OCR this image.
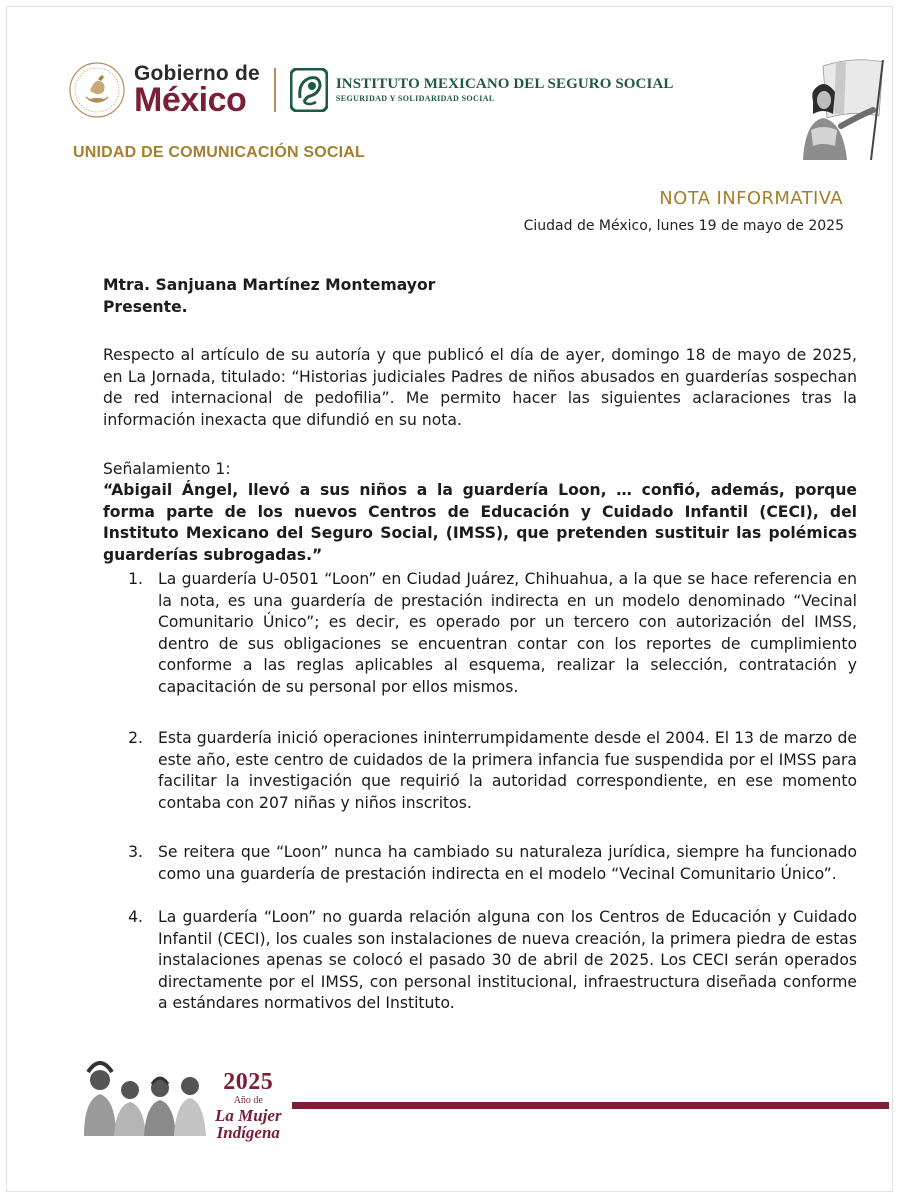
Gobierno de
México	INSTITUTO MEXICANO DEL SEGURO SOCIAL
SEGURIDAD Y SOLIDARIDAD SOCIAL
UNIDAD DE COMUNICACIÓN SOCIAL
NOTA INFORMATIVA
Ciudad de México, lunes 19 de mayo de 2025
Mtra. Sanjuana Martínez Montemayor
Presente.
Respecto al artículo de su autoría y que publicó el día de ayer, domingo 18 de mayo de 2025, en La Jornada, titulado: “Historias judiciales Padres de niños abusados en guarderías sospechan de red internacional de pedofilia”. Me permito hacer las siguientes aclaraciones tras la información inexacta que difundió en su nota.
Señalamiento 1:
“Abigail Ángel, llevó a sus niños a la guardería Loon, … confió, además, porque forma parte de los nuevos Centros de Educación y Cuidado Infantil (CECI), del Instituto Mexicano del Seguro Social, (IMSS), que pretenden sustituir las polémicas guarderías subrogadas.”
1. La guardería U-0501 “Loon” en Ciudad Juárez, Chihuahua, a la que se hace referencia en la nota, es una guardería de prestación indirecta en un modelo denominado “Vecinal Comunitario Único”; es decir, es operado por un tercero con autorización del IMSS, dentro de sus obligaciones se encuentran contar con los reportes de cumplimiento conforme a las reglas aplicables al esquema, realizar la selección, contratación y capacitación de su personal por ellos mismos.
2. Esta guardería inició operaciones ininterrumpidamente desde el 2004. El 13 de marzo de este año, este centro de cuidados de la primera infancia fue suspendida por el IMSS para facilitar la investigación que requirió la autoridad correspondiente, en ese momento contaba con 207 niñas y niños inscritos.
3. Se reitera que “Loon” nunca ha cambiado su naturaleza jurídica, siempre ha funcionado como una guardería de prestación indirecta en el modelo “Vecinal Comunitario Único”.
4. La guardería “Loon” no guarda relación alguna con los Centros de Educación y Cuidado Infantil (CECI), los cuales son instalaciones de nueva creación, la primera piedra de estas instalaciones apenas se colocó el pasado 30 de abril de 2025. Los CECI serán operados directamente por el IMSS, con personal institucional, infraestructura diseñada conforme a estándares normativos del Instituto.
2025
Año de
La Mujer
Indígena
